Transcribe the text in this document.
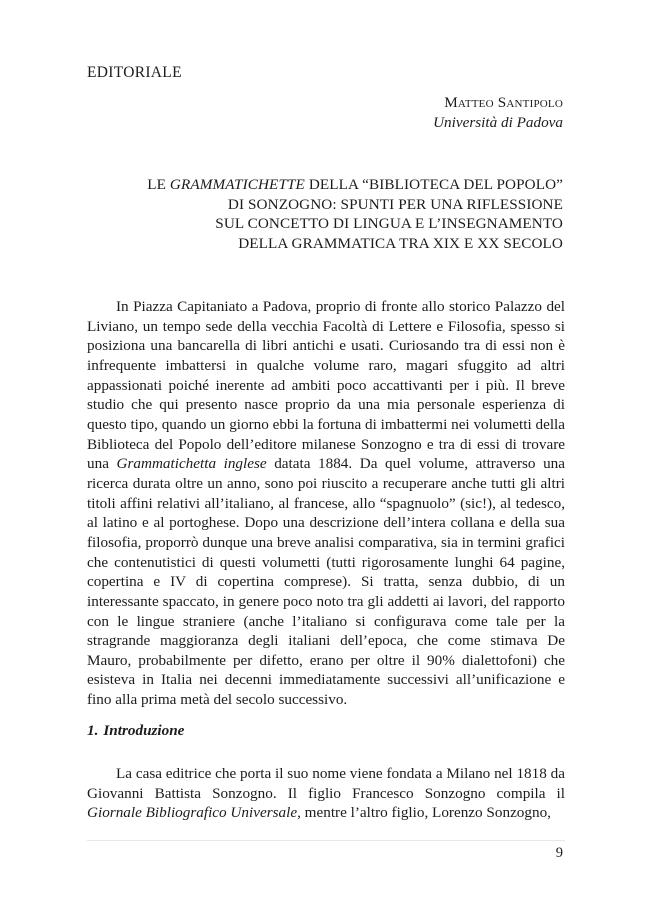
EDITORIALE
Matteo Santipolo
Università di Padova
LE GRAMMATICHETTE DELLA “BIBLIOTECA DEL POPOLO”
DI SONZOGNO: SPUNTI PER UNA RIFLESSIONE
SUL CONCETTO DI LINGUA E L’INSEGNAMENTO
DELLA GRAMMATICA TRA XIX E XX SECOLO

In Piazza Capitaniato a Padova, proprio di fronte allo storico Palazzo del Liviano, un tempo sede della vecchia Facoltà di Lettere e Filosofia, spesso si posiziona una bancarella di libri antichi e usati. Curiosando tra di essi non è infrequente imbattersi in qualche volume raro, magari sfuggito ad altri appassionati poiché inerente ad ambiti poco accattivanti per i più. Il breve studio che qui presento nasce proprio da una mia personale esperienza di questo tipo, quando un giorno ebbi la fortuna di imbattermi nei volumetti della Biblioteca del Popolo dell’editore milanese Sonzogno e tra di essi di trovare una Grammatichetta inglese datata 1884. Da quel volume, attraverso una ricerca durata oltre un anno, sono poi riuscito a recuperare anche tutti gli altri titoli affini relativi all’italiano, al francese, allo “spagnuolo” (sic!), al tedesco, al latino e al portoghese. Dopo una descrizione dell’intera collana e della sua filosofia, proporrò dunque una breve analisi comparativa, sia in termini grafici che contenutistici di questi volumetti (tutti rigorosamente lunghi 64 pagine, copertina e IV di copertina comprese). Si tratta, senza dubbio, di un interessante spaccato, in genere poco noto tra gli addetti ai lavori, del rapporto con le lingue straniere (anche l’italiano si configurava come tale per la stragrande maggioranza degli italiani dell’epoca, che come stimava De Mauro, probabilmente per difetto, erano per oltre il 90% dialettofoni) che esisteva in Italia nei decenni immediatamente successivi all’unificazione e fino alla prima metà del secolo successivo.

1. Introduzione

La casa editrice che porta il suo nome viene fondata a Milano nel 1818 da Giovanni Battista Sonzogno. Il figlio Francesco Sonzogno compila il Giornale Bibliografico Universale, mentre l’altro figlio, Lorenzo Sonzogno,

9
